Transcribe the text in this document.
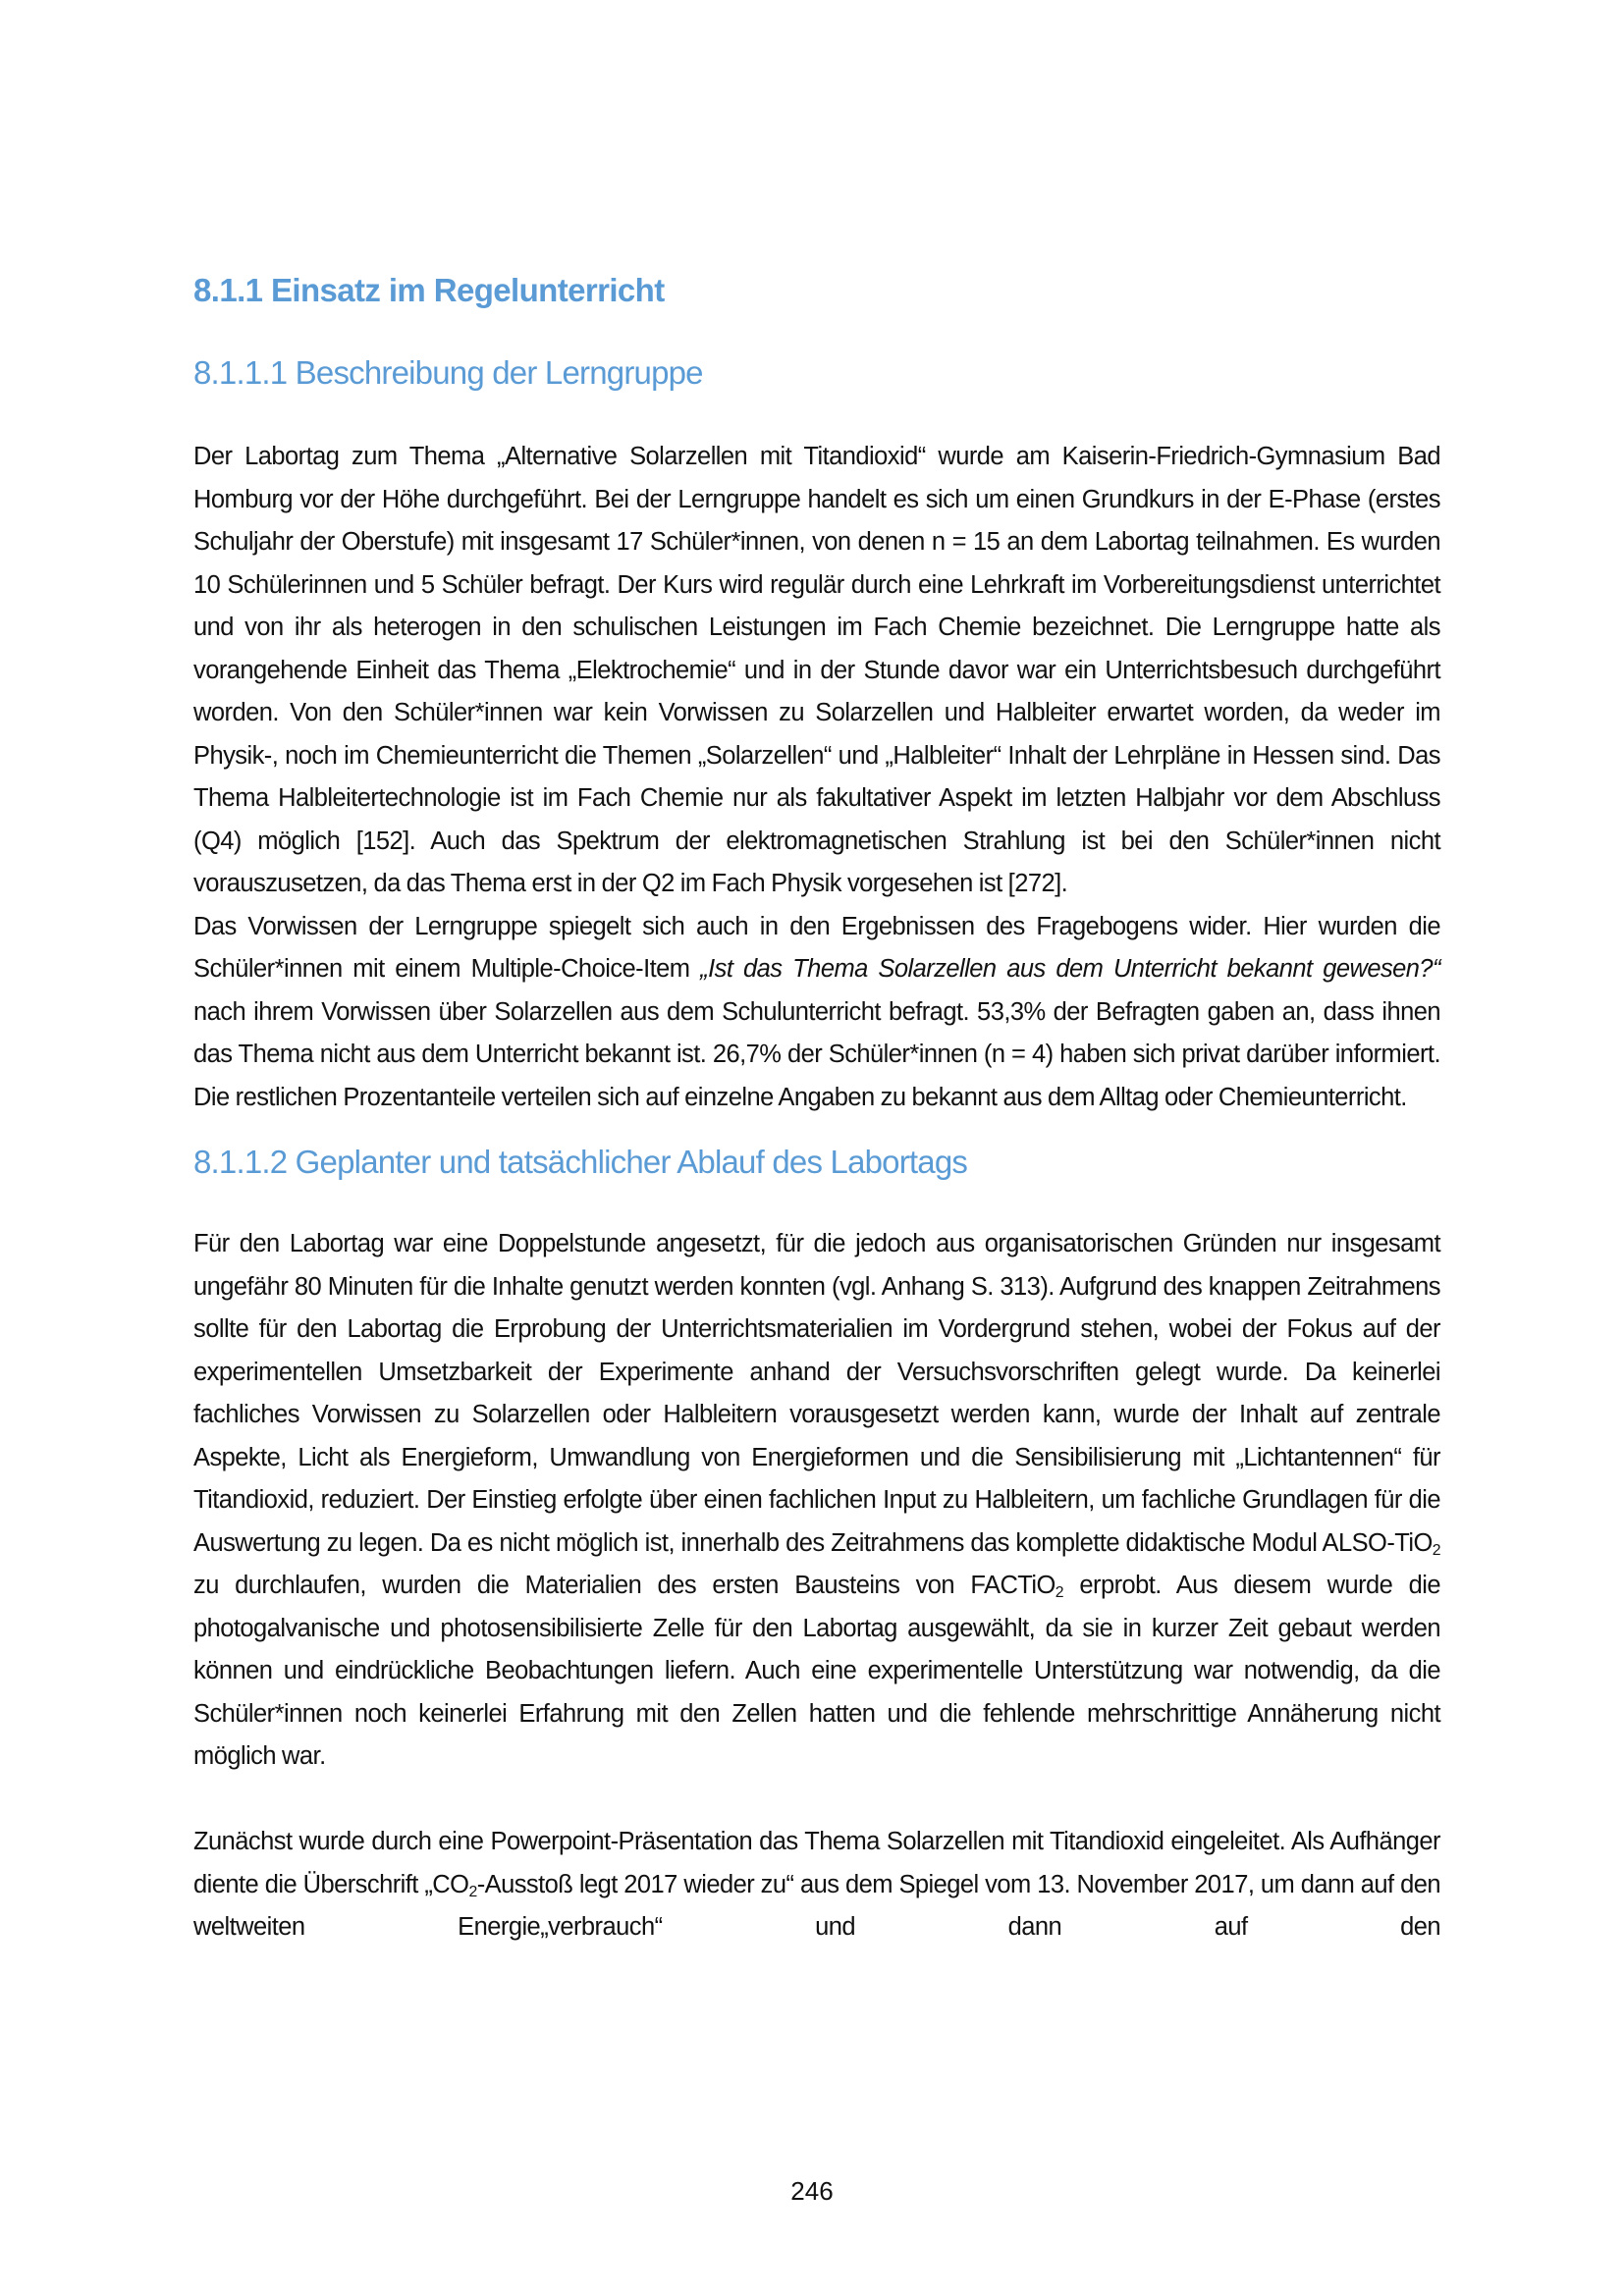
8.1.1 Einsatz im Regelunterricht
8.1.1.1 Beschreibung der Lerngruppe

Der Labortag zum Thema „Alternative Solarzellen mit Titandioxid“ wurde am Kaiserin-Friedrich-Gymnasium Bad Homburg vor der Höhe durchgeführt. Bei der Lerngruppe handelt es sich um einen Grundkurs in der E-Phase (erstes Schuljahr der Oberstufe) mit insgesamt 17 Schüler*innen, von denen n = 15 an dem Labortag teilnahmen. Es wurden 10 Schülerinnen und 5 Schüler befragt. Der Kurs wird regulär durch eine Lehrkraft im Vorbereitungsdienst unterrichtet und von ihr als heterogen in den schulischen Leistungen im Fach Chemie bezeichnet. Die Lerngruppe hatte als vorangehende Einheit das Thema „Elektrochemie“ und in der Stunde davor war ein Unterrichtsbesuch durchgeführt worden. Von den Schüler*innen war kein Vorwissen zu Solarzellen und Halbleiter erwartet worden, da weder im Physik-, noch im Chemieunterricht die Themen „Solarzellen“ und „Halbleiter“ Inhalt der Lehrpläne in Hessen sind. Das Thema Halbleitertechnologie ist im Fach Chemie nur als fakultativer Aspekt im letzten Halbjahr vor dem Abschluss (Q4) möglich [152]. Auch das Spektrum der elektromagnetischen Strahlung ist bei den Schüler*innen nicht vorauszusetzen, da das Thema erst in der Q2 im Fach Physik vorgesehen ist [272].

Das Vorwissen der Lerngruppe spiegelt sich auch in den Ergebnissen des Fragebogens wider. Hier wurden die Schüler*innen mit einem Multiple-Choice-Item „Ist das Thema Solarzellen aus dem Unterricht bekannt gewesen?“ nach ihrem Vorwissen über Solarzellen aus dem Schulunterricht befragt. 53,3% der Befragten gaben an, dass ihnen das Thema nicht aus dem Unterricht bekannt ist. 26,7% der Schüler*innen (n = 4) haben sich privat darüber informiert. Die restlichen Prozentanteile verteilen sich auf einzelne Angaben zu bekannt aus dem Alltag oder Chemieunterricht.

8.1.1.2 Geplanter und tatsächlicher Ablauf des Labortags

Für den Labortag war eine Doppelstunde angesetzt, für die jedoch aus organisatorischen Gründen nur insgesamt ungefähr 80 Minuten für die Inhalte genutzt werden konnten (vgl. Anhang S. 313). Aufgrund des knappen Zeitrahmens sollte für den Labortag die Erprobung der Unterrichtsmaterialien im Vordergrund stehen, wobei der Fokus auf der experimentellen Umsetzbarkeit der Experimente anhand der Versuchsvorschriften gelegt wurde. Da keinerlei fachliches Vorwissen zu Solarzellen oder Halbleitern vorausgesetzt werden kann, wurde der Inhalt auf zentrale Aspekte, Licht als Energieform, Umwandlung von Energieformen und die Sensibilisierung mit „Lichtantennen“ für Titandioxid, reduziert. Der Einstieg erfolgte über einen fachlichen Input zu Halbleitern, um fachliche Grundlagen für die Auswertung zu legen. Da es nicht möglich ist, innerhalb des Zeitrahmens das komplette didaktische Modul ALSO-TiO$_2$ zu durchlaufen, wurden die Materialien des ersten Bausteins von FACTiO$_2$ erprobt. Aus diesem wurde die photogalvanische und photosensibilisierte Zelle für den Labortag ausgewählt, da sie in kurzer Zeit gebaut werden können und eindrückliche Beobachtungen liefern. Auch eine experimentelle Unterstützung war notwendig, da die Schüler*innen noch keinerlei Erfahrung mit den Zellen hatten und die fehlende mehrschrittige Annäherung nicht möglich war.

Zunächst wurde durch eine Powerpoint-Präsentation das Thema Solarzellen mit Titandioxid eingeleitet. Als Aufhänger diente die Überschrift $„CO_2$-Ausstoß legt 2017 wieder zu“ aus dem Spiegel vom 13. November 2017, um dann auf den weltweiten Energie„verbrauch“ und dann auf den

246
